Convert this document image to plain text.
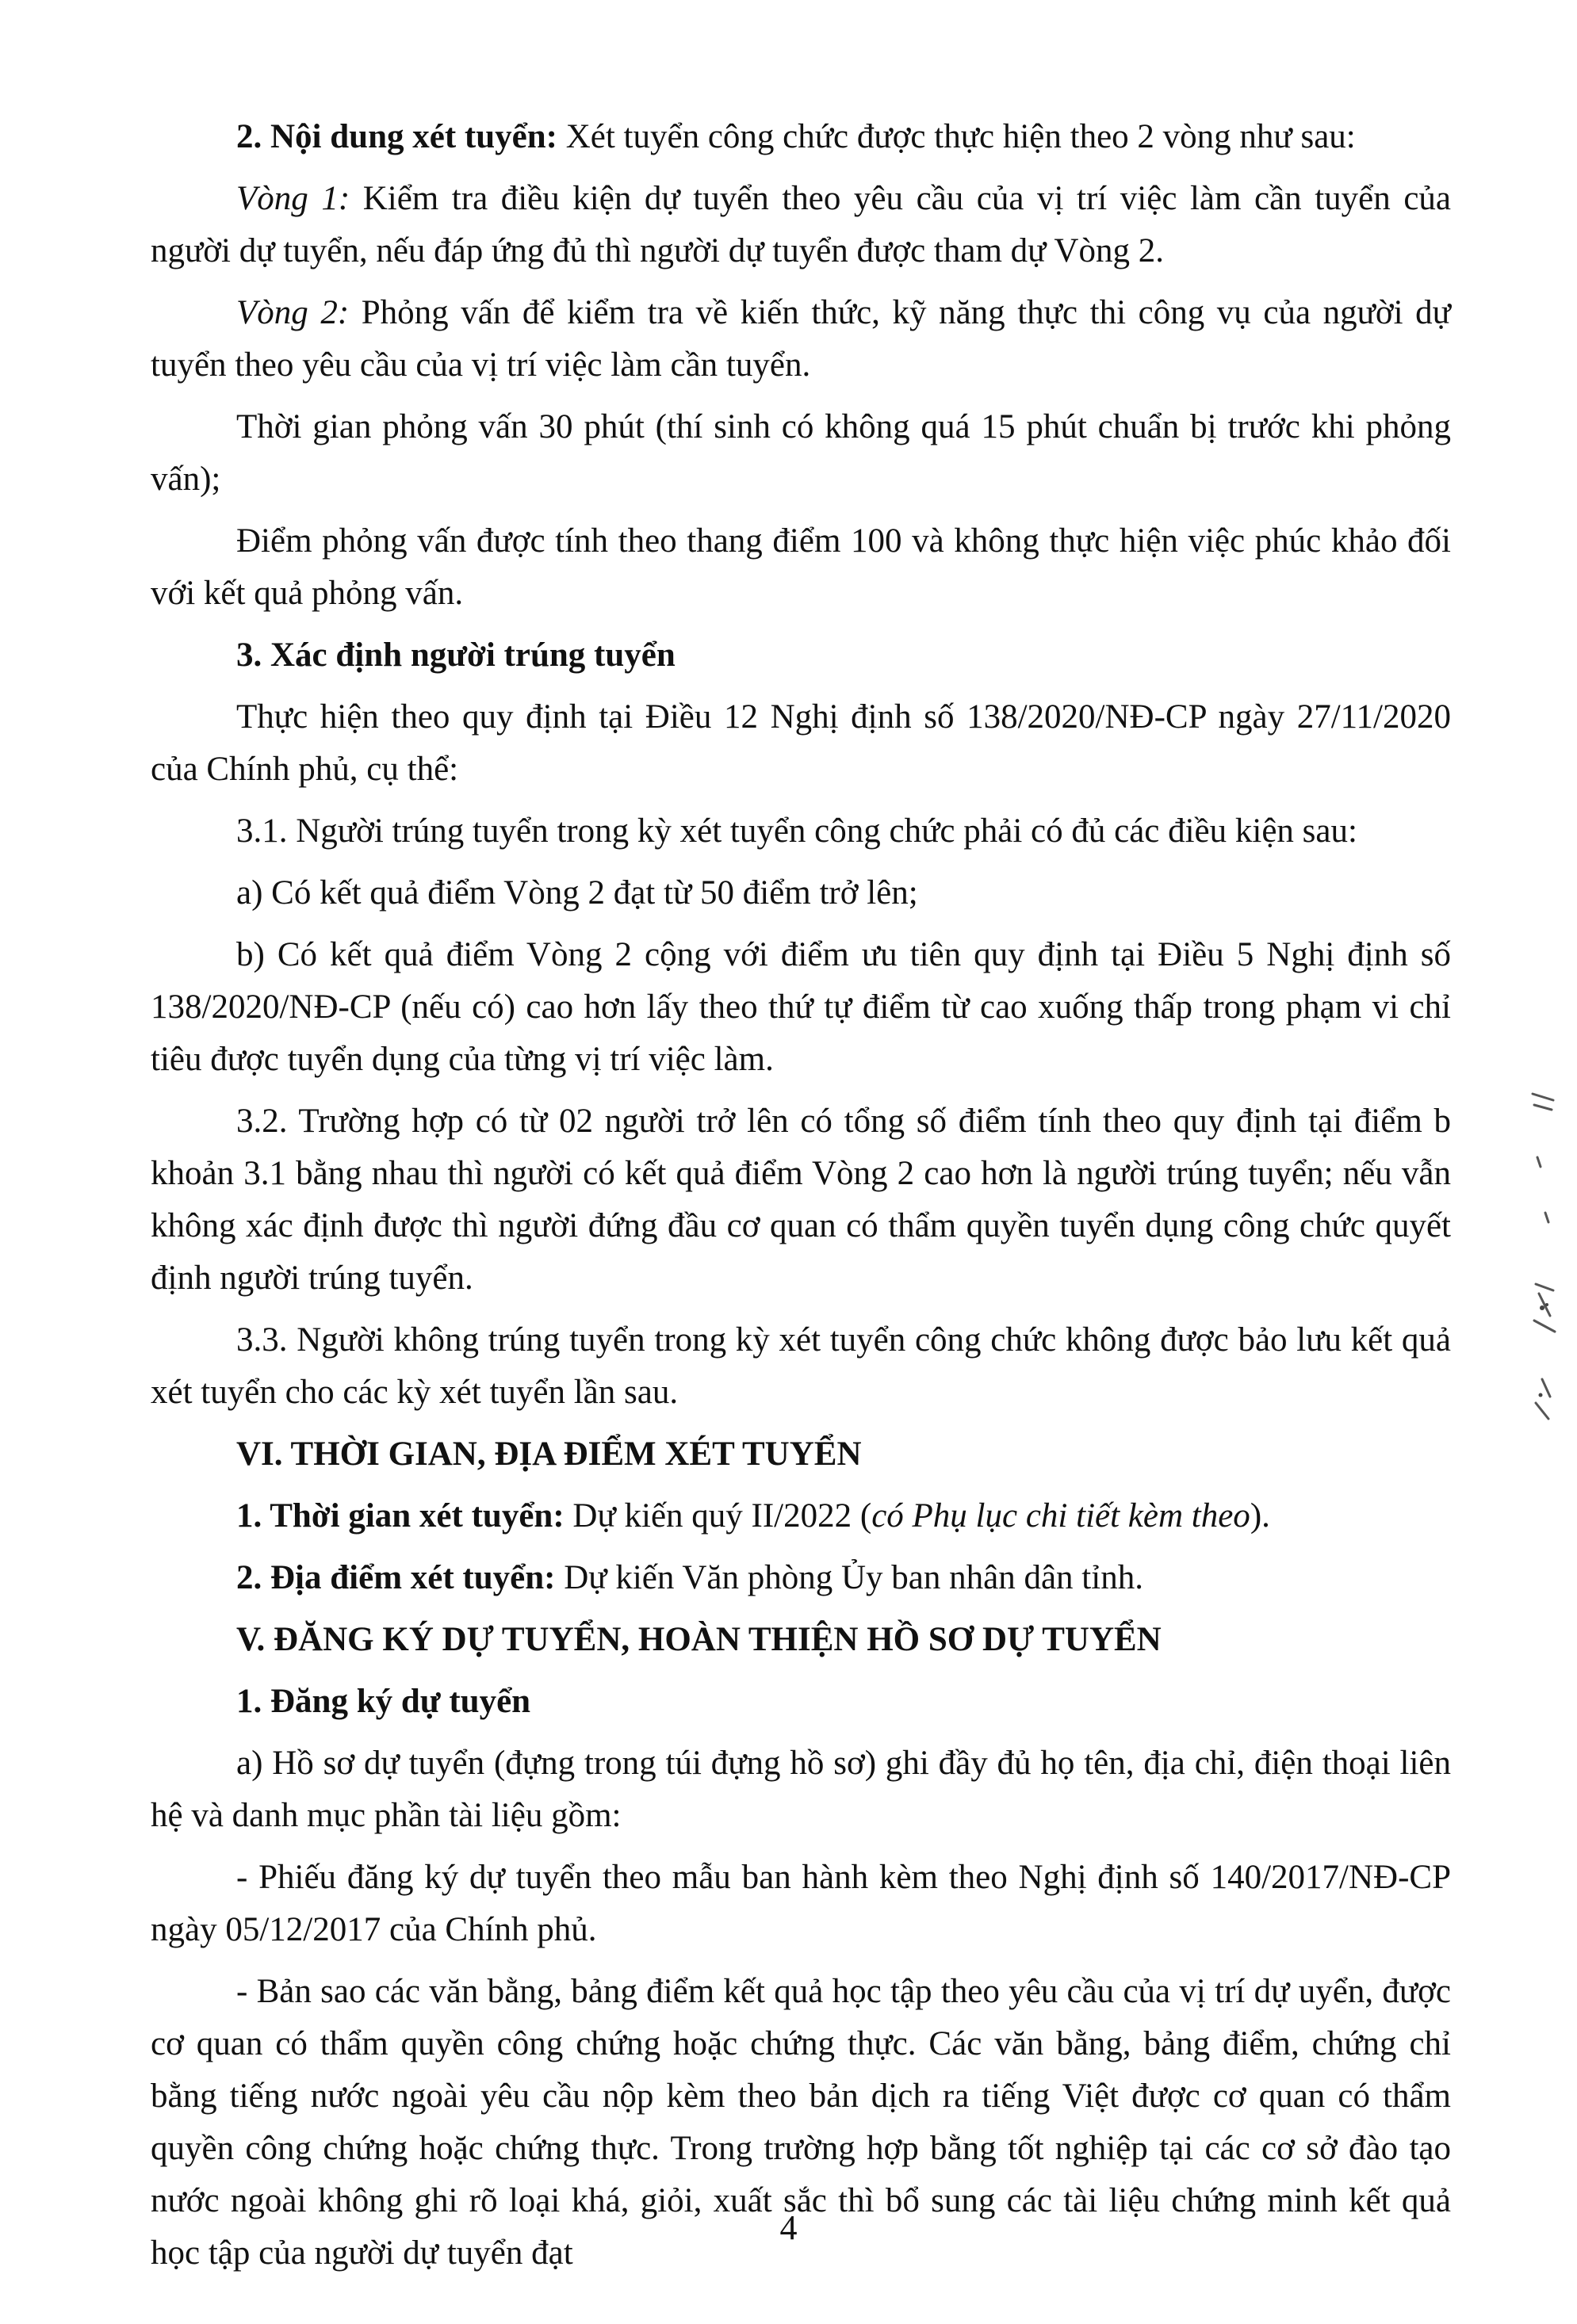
2. Nội dung xét tuyển: Xét tuyển công chức được thực hiện theo 2 vòng như sau:

Vòng 1: Kiểm tra điều kiện dự tuyển theo yêu cầu của vị trí việc làm cần tuyển của người dự tuyển, nếu đáp ứng đủ thì người dự tuyển được tham dự Vòng 2.

Vòng 2: Phỏng vấn để kiểm tra về kiến thức, kỹ năng thực thi công vụ của người dự tuyển theo yêu cầu của vị trí việc làm cần tuyển.

Thời gian phỏng vấn 30 phút (thí sinh có không quá 15 phút chuẩn bị trước khi phỏng vấn);

Điểm phỏng vấn được tính theo thang điểm 100 và không thực hiện việc phúc khảo đối với kết quả phỏng vấn.

3. Xác định người trúng tuyển

Thực hiện theo quy định tại Điều 12 Nghị định số 138/2020/NĐ-CP ngày 27/11/2020 của Chính phủ, cụ thể:

3.1. Người trúng tuyển trong kỳ xét tuyển công chức phải có đủ các điều kiện sau:

a) Có kết quả điểm Vòng 2 đạt từ 50 điểm trở lên;

b) Có kết quả điểm Vòng 2 cộng với điểm ưu tiên quy định tại Điều 5 Nghị định số 138/2020/NĐ-CP (nếu có) cao hơn lấy theo thứ tự điểm từ cao xuống thấp trong phạm vi chỉ tiêu được tuyển dụng của từng vị trí việc làm.

3.2. Trường hợp có từ 02 người trở lên có tổng số điểm tính theo quy định tại điểm b khoản 3.1 bằng nhau thì người có kết quả điểm Vòng 2 cao hơn là người trúng tuyển; nếu vẫn không xác định được thì người đứng đầu cơ quan có thẩm quyền tuyển dụng công chức quyết định người trúng tuyển.

3.3. Người không trúng tuyển trong kỳ xét tuyển công chức không được bảo lưu kết quả xét tuyển cho các kỳ xét tuyển lần sau.

VI. THỜI GIAN, ĐỊA ĐIỂM XÉT TUYỂN

1. Thời gian xét tuyển: Dự kiến quý II/2022 (có Phụ lục chi tiết kèm theo).

2. Địa điểm xét tuyển: Dự kiến Văn phòng Ủy ban nhân dân tỉnh.

V. ĐĂNG KÝ DỰ TUYỂN, HOÀN THIỆN HỒ SƠ DỰ TUYỂN

1. Đăng ký dự tuyển

a) Hồ sơ dự tuyển (đựng trong túi đựng hồ sơ) ghi đầy đủ họ tên, địa chỉ, điện thoại liên hệ và danh mục phần tài liệu gồm:

- Phiếu đăng ký dự tuyển theo mẫu ban hành kèm theo Nghị định số 140/2017/NĐ-CP ngày 05/12/2017 của Chính phủ.

- Bản sao các văn bằng, bảng điểm kết quả học tập theo yêu cầu của vị trí dự uyển, được cơ quan có thẩm quyền công chứng hoặc chứng thực. Các văn bằng, bảng điểm, chứng chỉ bằng tiếng nước ngoài yêu cầu nộp kèm theo bản dịch ra tiếng Việt được cơ quan có thẩm quyền công chứng hoặc chứng thực. Trong trường hợp bằng tốt nghiệp tại các cơ sở đào tạo nước ngoài không ghi rõ loại khá, giỏi, xuất sắc thì bổ sung các tài liệu chứng minh kết quả học tập của người dự tuyển đạt

4
